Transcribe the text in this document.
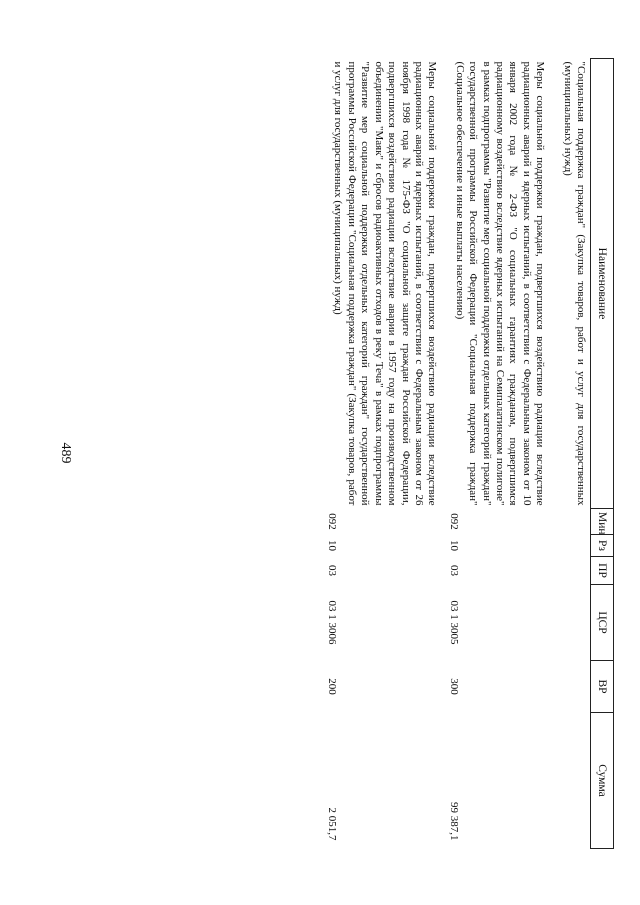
489
Наименование	Мин	Рз	ПР	ЦСР	ВР	Сумма
"Социальная поддержка граждан" (Закупка товаров, работ и услуг для государственных (муниципальных) нужд)						
Меры социальной поддержки граждан, подвергшихся воздействию радиации вследствие радиационных аварий и ядерных испытаний, в соответствии с Федеральным законом от 10 января 2002 года № 2-ФЗ "О социальных гарантиях гражданам, подвергшимся радиационному воздействию вследствие ядерных испытаний на Семипалатинском полигоне" в рамках подпрограммы "Развитие мер социальной поддержки отдельных категорий граждан" государственной программы Российской Федерации "Социальная поддержка граждан" (Социальное обеспечение и иные выплаты населению)	092	10	03	03 1 3005	300	99 387,1
Меры социальной поддержки граждан, подвергшихся воздействию радиации вследствие радиационных аварий и ядерных испытаний, в соответствии с Федеральным законом от 26 ноября 1998 года № 175-ФЗ "О социальной защите граждан Российской Федерации, подвергшихся воздействию радиации вследствие аварии в 1957 году на производственном объединении "Маяк" и сбросов радиоактивных отходов в реку Теча" в рамках подпрограммы "Развитие мер социальной поддержки отдельных категорий граждан" государственной программы Российской Федерации "Социальная поддержка граждан" (Закупка товаров, работ и услуг для государственных (муниципальных) нужд)	092	10	03	03 1 3006	200	2 051,7
